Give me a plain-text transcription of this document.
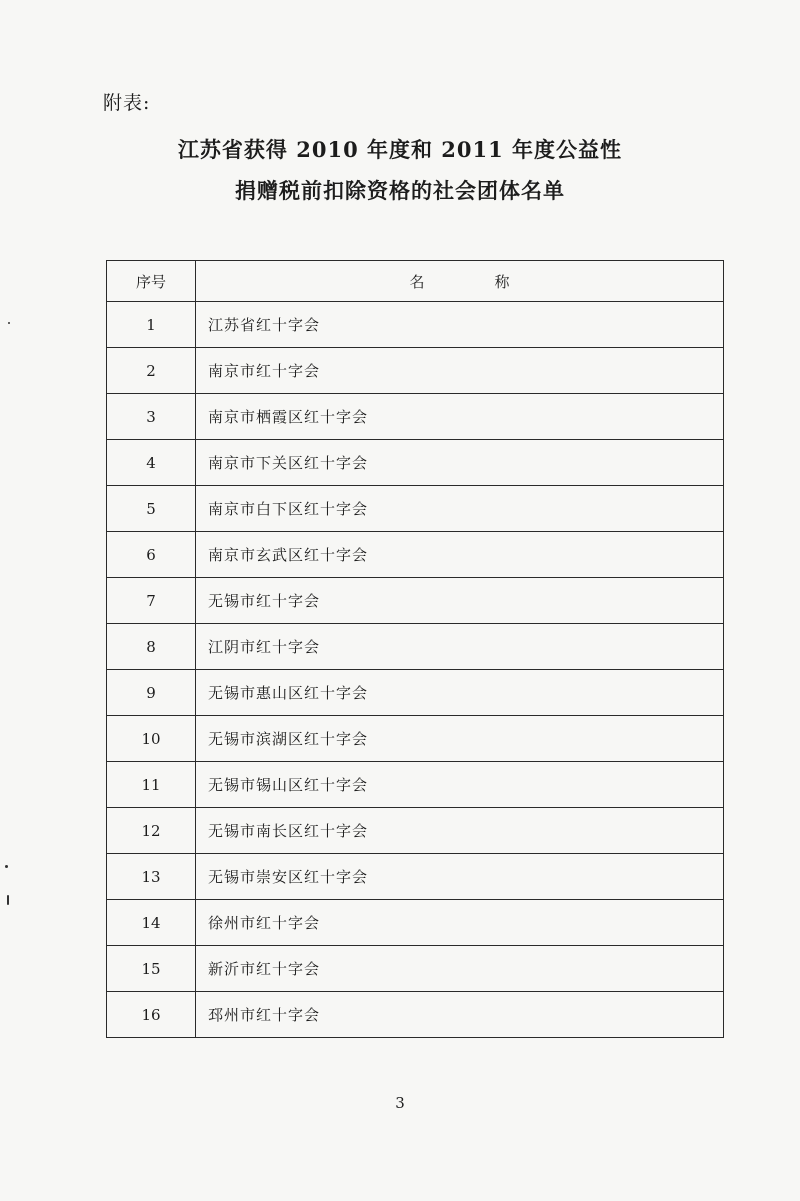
附表:
江苏省获得 2010 年度和 2011 年度公益性
捐赠税前扣除资格的社会团体名单
序号	名 称
1	江苏省红十字会
2	南京市红十字会
3	南京市栖霞区红十字会
4	南京市下关区红十字会
5	南京市白下区红十字会
6	南京市玄武区红十字会
7	无锡市红十字会
8	江阴市红十字会
9	无锡市惠山区红十字会
10	无锡市滨湖区红十字会
11	无锡市锡山区红十字会
12	无锡市南长区红十字会
13	无锡市崇安区红十字会
14	徐州市红十字会
15	新沂市红十字会
16	邳州市红十字会
3
